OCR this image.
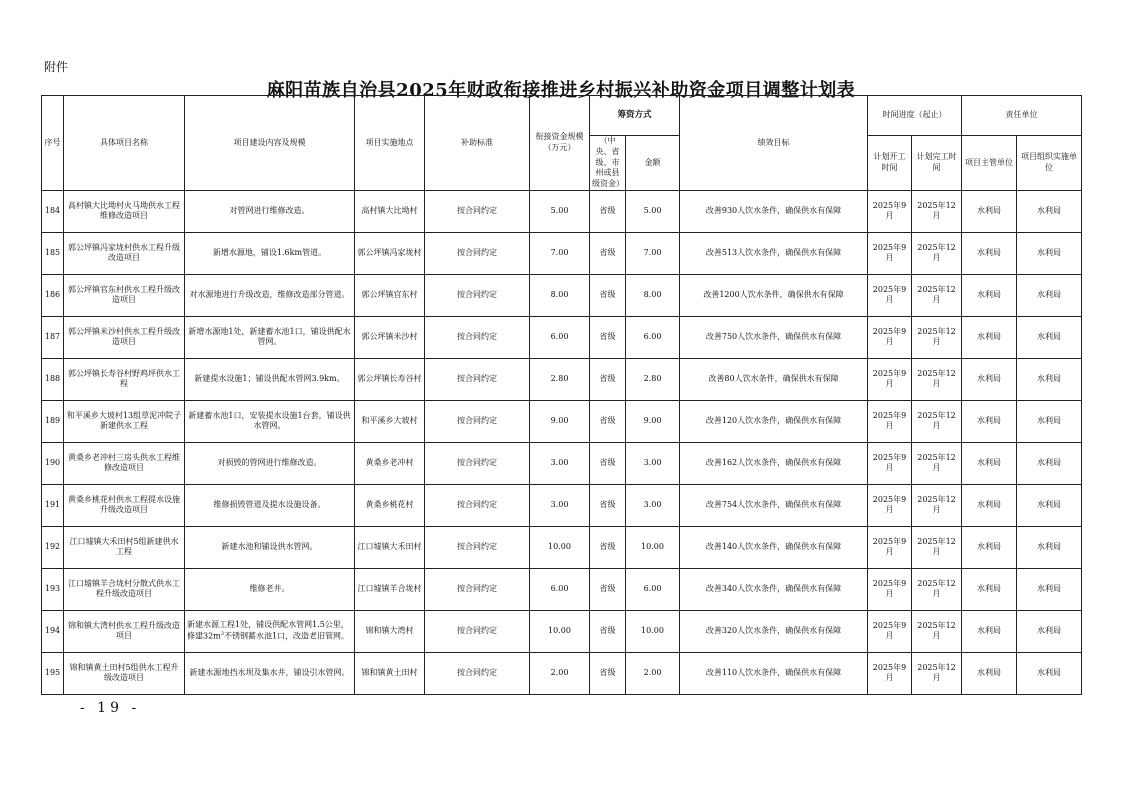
附件
麻阳苗族自治县2025年财政衔接推进乡村振兴补助资金项目调整计划表
序号	具体项目名称	项目建设内容及规模	项目实施地点	补助标准	衔接资金规模（万元）	筹资方式		绩效目标	时间进度（起止）		责任单位	
						（中央、省级、市州或县级资金）	金额		计划开工时间	计划完工时间	项目主管单位	项目组织实施单位
184	高村镇大比坳村火马坳供水工程维修改造项目	对管网进行维修改造。	高村镇大比坳村	按合同约定	5.00	省级	5.00	改善930人饮水条件，确保供水有保障	2025年9月	2025年12月	水利局	水利局
185	郭公坪镇冯家垅村供水工程升级改造项目	新增水源地，铺设1.6km管道。	郭公坪镇冯家垅村	按合同约定	7.00	省级	7.00	改善513人饮水条件，确保供水有保障	2025年9月	2025年12月	水利局	水利局
186	郭公坪镇官东村供水工程升级改造项目	对水源地进行升级改造，维修改造部分管道。	郭公坪镇官东村	按合同约定	8.00	省级	8.00	改善1200人饮水条件，确保供水有保障	2025年9月	2025年12月	水利局	水利局
187	郭公坪镇米沙村供水工程升级改造项目	新增水源地1处，新建蓄水池1口，铺设供配水管网。	郭公坪镇米沙村	按合同约定	6.00	省级	6.00	改善750人饮水条件，确保供水有保障	2025年9月	2025年12月	水利局	水利局
188	郭公坪镇长寿谷村野鸡坪供水工程	新建提水设施1；铺设供配水管网3.9km。	郭公坪镇长寿谷村	按合同约定	2.80	省级	2.80	改善80人饮水条件，确保供水有保障	2025年9月	2025年12月	水利局	水利局
189	和平溪乡大坡村13组草泥冲院子新建供水工程	新建蓄水池1口，安装提水设施1台套，铺设供水管网。	和平溪乡大坡村	按合同约定	9.00	省级	9.00	改善120人饮水条件，确保供水有保障	2025年9月	2025年12月	水利局	水利局
190	黄桑乡老冲村三房头供水工程维修改造项目	对损毁的管网进行维修改造。	黄桑乡老冲村	按合同约定	3.00	省级	3.00	改善162人饮水条件，确保供水有保障	2025年9月	2025年12月	水利局	水利局
191	黄桑乡桃花村供水工程提水设施升级改造项目	维修损毁管道及提水设施设备。	黄桑乡桃花村	按合同约定	3.00	省级	3.00	改善754人饮水条件，确保供水有保障	2025年9月	2025年12月	水利局	水利局
192	江口墟镇大禾田村5组新建供水工程	新建水池和铺设供水管网。	江口墟镇大禾田村	按合同约定	10.00	省级	10.00	改善140人饮水条件，确保供水有保障	2025年9月	2025年12月	水利局	水利局
193	江口墟镇羊合垅村分散式供水工程升级改造项目	维修老井。	江口墟镇羊合垅村	按合同约定	6.00	省级	6.00	改善340人饮水条件，确保供水有保障	2025年9月	2025年12月	水利局	水利局
194	锦和镇大湾村供水工程升级改造项目	新建水源工程1处，铺设供配水管网1.5公里，修建$32m^3$不锈钢蓄水池1口，改造老旧管网。	锦和镇大湾村	按合同约定	10.00	省级	10.00	改善320人饮水条件，确保供水有保障	2025年9月	2025年12月	水利局	水利局
195	锦和镇黄土田村5组供水工程升级改造项目	新建水源地挡水坝及集水井，铺设引水管网。	锦和镇黄土田村	按合同约定	2.00	省级	2.00	改善110人饮水条件，确保供水有保障	2025年9月	2025年12月	水利局	水利局
- 19 -
